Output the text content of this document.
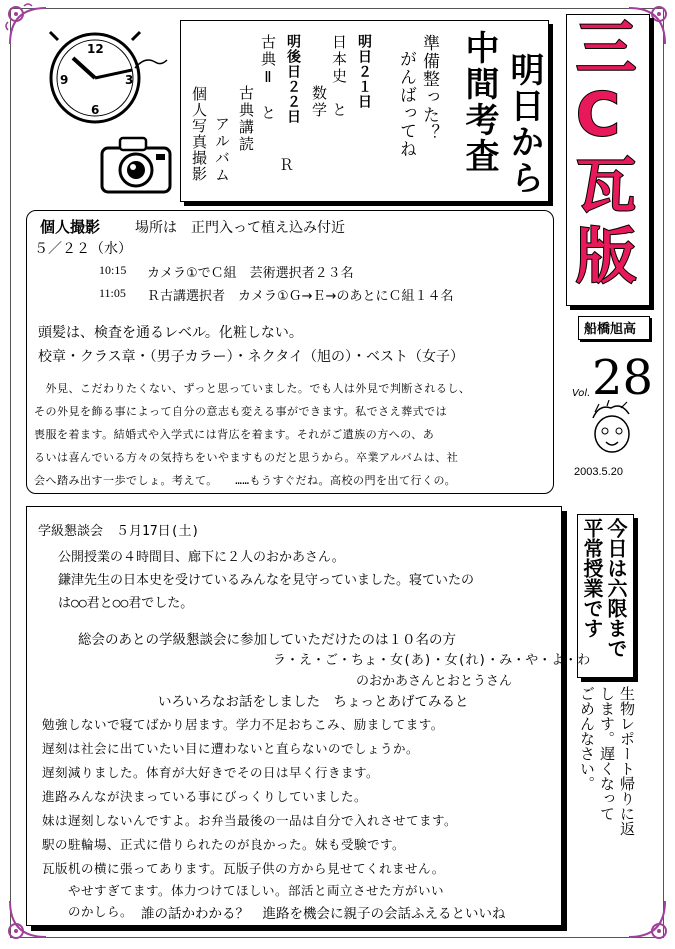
12
9	3
6	明日から
中間考査
準備整った？
がんばってね
明日２１日
日本史　と
　　　数学
明後日２２日
古典Ⅱ　と
　　　古典講読
　Ｒ
アルバム
個人写真撮影
三
C
瓦
版
船橋旭高
Vol. 28
2003.5.20
個人撮影 場所は　正門入って植え込み付近
５／２２（水）
10:15 カメラ①でＣ組　芸術選択者２３名
11:05 Ｒ古講選択者　カメラ①Ｇ→Ｅ→のあとにＣ組１４名
頭髪は、検査を通るレベル。化粧しない。
校章・クラス章・（男子カラー）・ネクタイ（旭の）・ベスト（女子）
　外見、こだわりたくない、ずっと思っていました。でも人は外見で判断されるし、
その外見を飾る事によって自分の意志も変える事ができます。私でさえ葬式では
喪服を着ます。結婚式や入学式には背広を着ます。それがご遺族の方への、あ
るいは喜んでいる方々の気持ちをいやますものだと思うから。卒業アルバムは、社
会へ踏み出す一歩でしょ。考えて。　　……もうすぐだね。高校の門を出て行くの。
今日は六限まで
平常授業です
生物レポート帰りに返
します。遅くなって
ごめんなさい。
学級懇談会　５月17日(土)
公開授業の４時間目、廊下に２人のおかあさん。
鎌津先生の日本史を受けているみんなを見守っていました。寝ていたの
は○○君と○○君でした。
総会のあとの学級懇談会に参加していただけたのは１０名の方
ラ・え・ご・ちょ・女(あ)・女(れ)・み・や・よ・わ
のおかあさんとおとうさん
いろいろなお話をしました　ちょっとあげてみると
勉強しないで寝てばかり居ます。学力不足おちこみ、励ましてます。
遅刻は社会に出ていたい目に遭わないと直らないのでしょうか。
遅刻減りました。体育が大好きでその日は早く行きます。
進路みんなが決まっている事にびっくりしていました。
妹は遅刻しないんですよ。お弁当最後の一品は自分で入れさせてます。
駅の駐輪場、正式に借りられたのが良かった。妹も受験です。
瓦版机の横に張ってあります。瓦版子供の方から見せてくれません。
　　やせすぎてます。体力つけてほしい。部活と両立させた方がいい
　　のかしら。 誰の話かわかる？　進路を機会に親子の会話ふえるといいね
